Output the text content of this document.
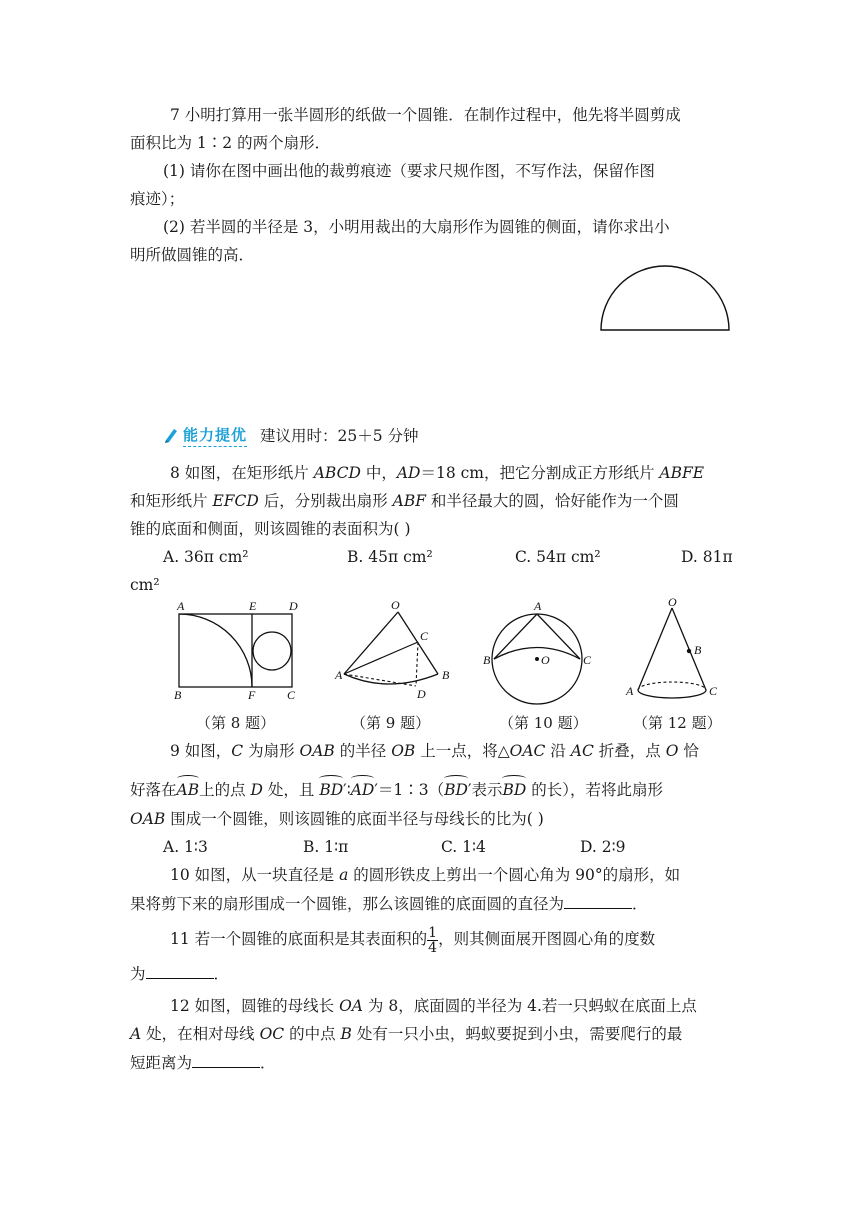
7 小明打算用一张半圆形的纸做一个圆锥．在制作过程中，他先将半圆剪成
面积比为 1∶2 的两个扇形．
(1) 请你在图中画出他的裁剪痕迹（要求尺规作图，不写作法，保留作图
痕迹）；
(2) 若半圆的半径是 3，小明用裁出的大扇形作为圆锥的侧面，请你求出小
明所做圆锥的高．
能力提优 建议用时：25＋5 分钟
8 如图，在矩形纸片 ABCD 中，AD＝18 cm，把它分割成正方形纸片 ABFE
和矩形纸片 EFCD 后，分别裁出扇形 ABF 和半径最大的圆，恰好能作为一个圆
锥的底面和侧面，则该圆锥的表面积为( )
A. 36π cm²	B. 45π cm²	C. 54π cm²	D. 81π
cm²
A	E	D
B	F	C
O
C
A	B
D
A
B	O	C
O
B
A	C
（第 8 题）	（第 9 题）	（第 10 题）	（第 12 题）
9 如图，C 为扇形 OAB 的半径 OB 上一点，将△OAC 沿 AC 折叠，点 O 恰
好落在AB上的点 D 处，且 BD′∶AD′＝1∶3（BD′表示BD 的长），若将此扇形
OAB 围成一个圆锥，则该圆锥的底面半径与母线长的比为( )
A. 1∶3	B. 1∶π	C. 1∶4	D. 2∶9
10 如图，从一块直径是 a 的圆形铁皮上剪出一个圆心角为 90°的扇形，如
果将剪下来的扇形围成一个圆锥，那么该圆锥的底面圆的直径为	．
11 若一个圆锥的底面积是其表面积的 $\frac{1}{4}$ ，则其侧面展开图圆心角的度数
为	．
12 如图，圆锥的母线长 OA 为 8，底面圆的半径为 4.若一只蚂蚁在底面上点
A 处，在相对母线 OC 的中点 B 处有一只小虫，蚂蚁要捉到小虫，需要爬行的最
短距离为	．
